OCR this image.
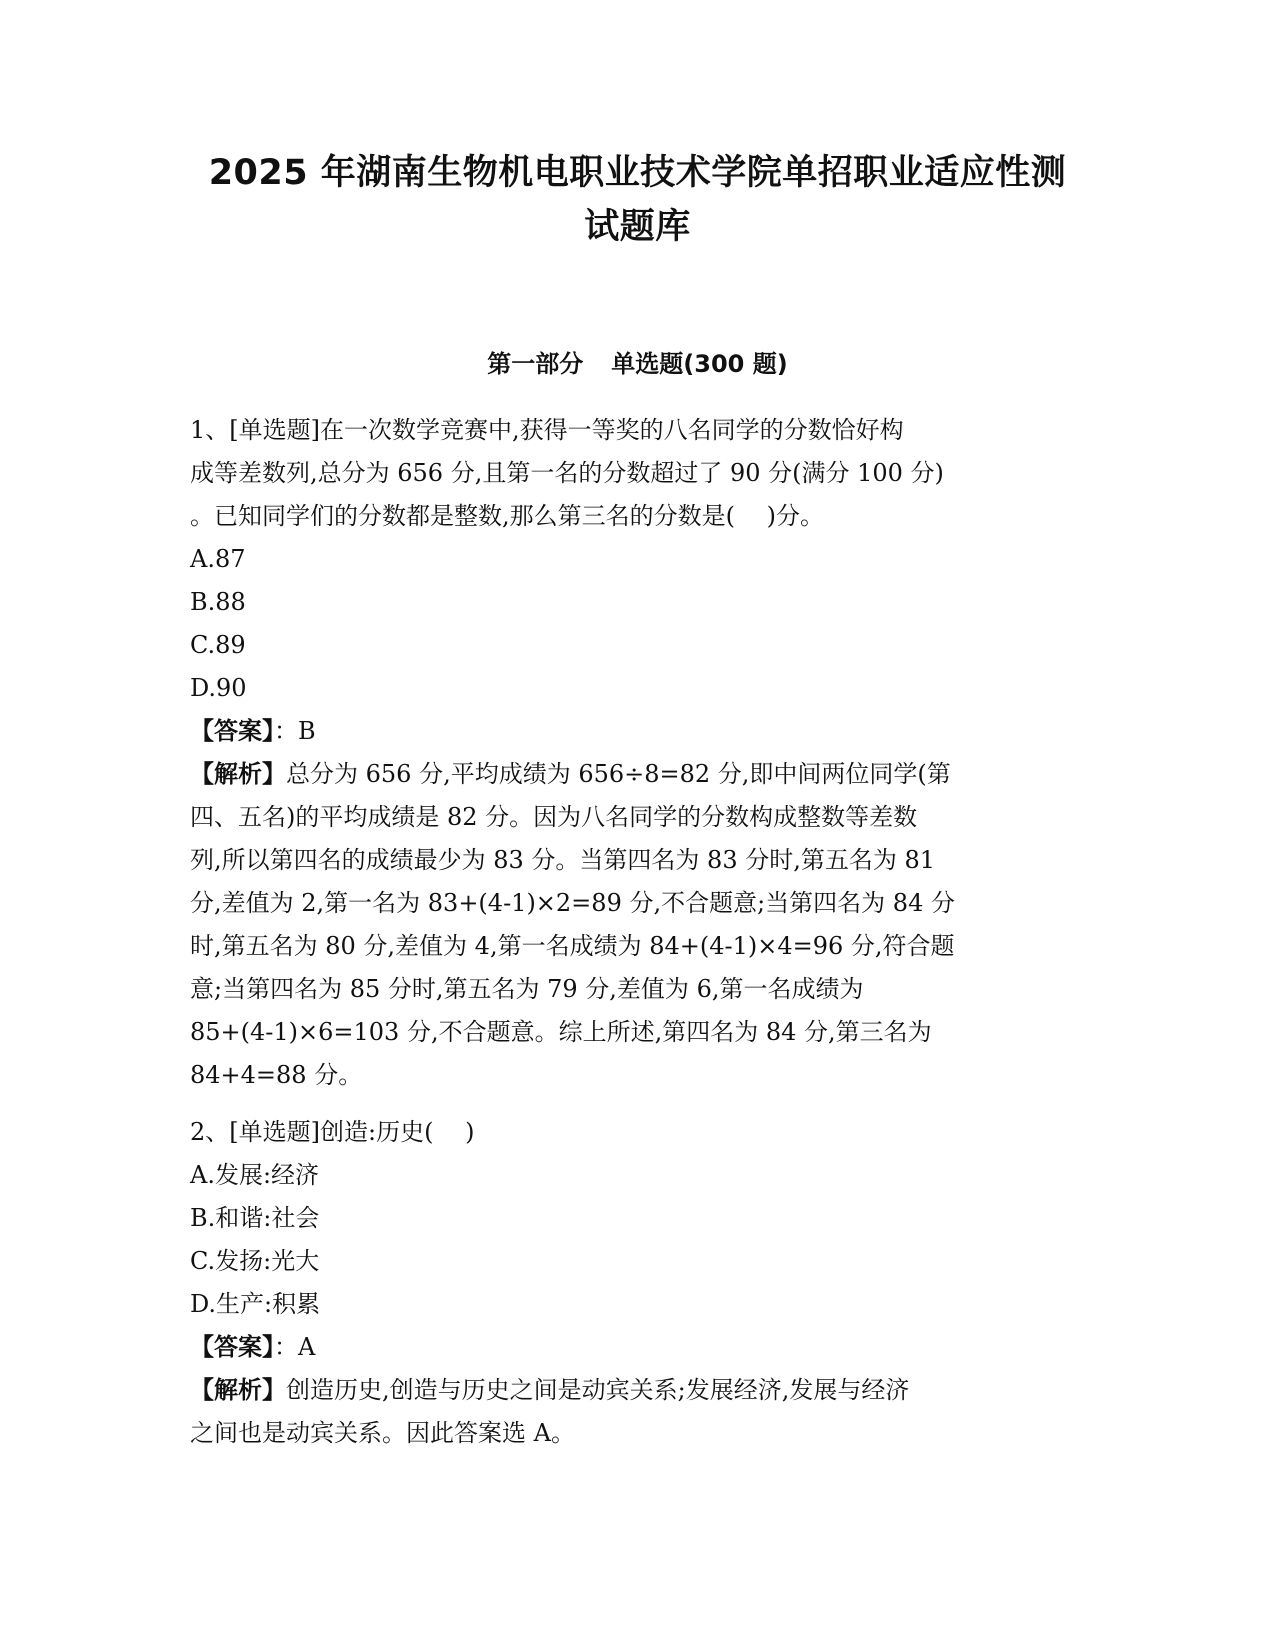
2025 年湖南生物机电职业技术学院单招职业适应性测
试题库
第一部分 单选题(300 题)
1、[单选题]在一次数学竞赛中,获得一等奖的八名同学的分数恰好构
成等差数列,总分为 656 分,且第一名的分数超过了 90 分(满分 100 分)
。已知同学们的分数都是整数,那么第三名的分数是(　 )分。
A.87
B.88
C.89
D.90
【答案】：B
【解析】总分为 656 分,平均成绩为 656÷8=82 分,即中间两位同学(第
四、五名)的平均成绩是 82 分。因为八名同学的分数构成整数等差数
列,所以第四名的成绩最少为 83 分。当第四名为 83 分时,第五名为 81
分,差值为 2,第一名为 83+(4-1)×2=89 分,不合题意;当第四名为 84 分
时,第五名为 80 分,差值为 4,第一名成绩为 84+(4-1)×4=96 分,符合题
意;当第四名为 85 分时,第五名为 79 分,差值为 6,第一名成绩为
85+(4-1)×6=103 分,不合题意。综上所述,第四名为 84 分,第三名为
84+4=88 分。
2、[单选题]创造:历史(　 )
A.发展:经济
B.和谐:社会
C.发扬:光大
D.生产:积累
【答案】：A
【解析】创造历史,创造与历史之间是动宾关系;发展经济,发展与经济
之间也是动宾关系。因此答案选 A。
